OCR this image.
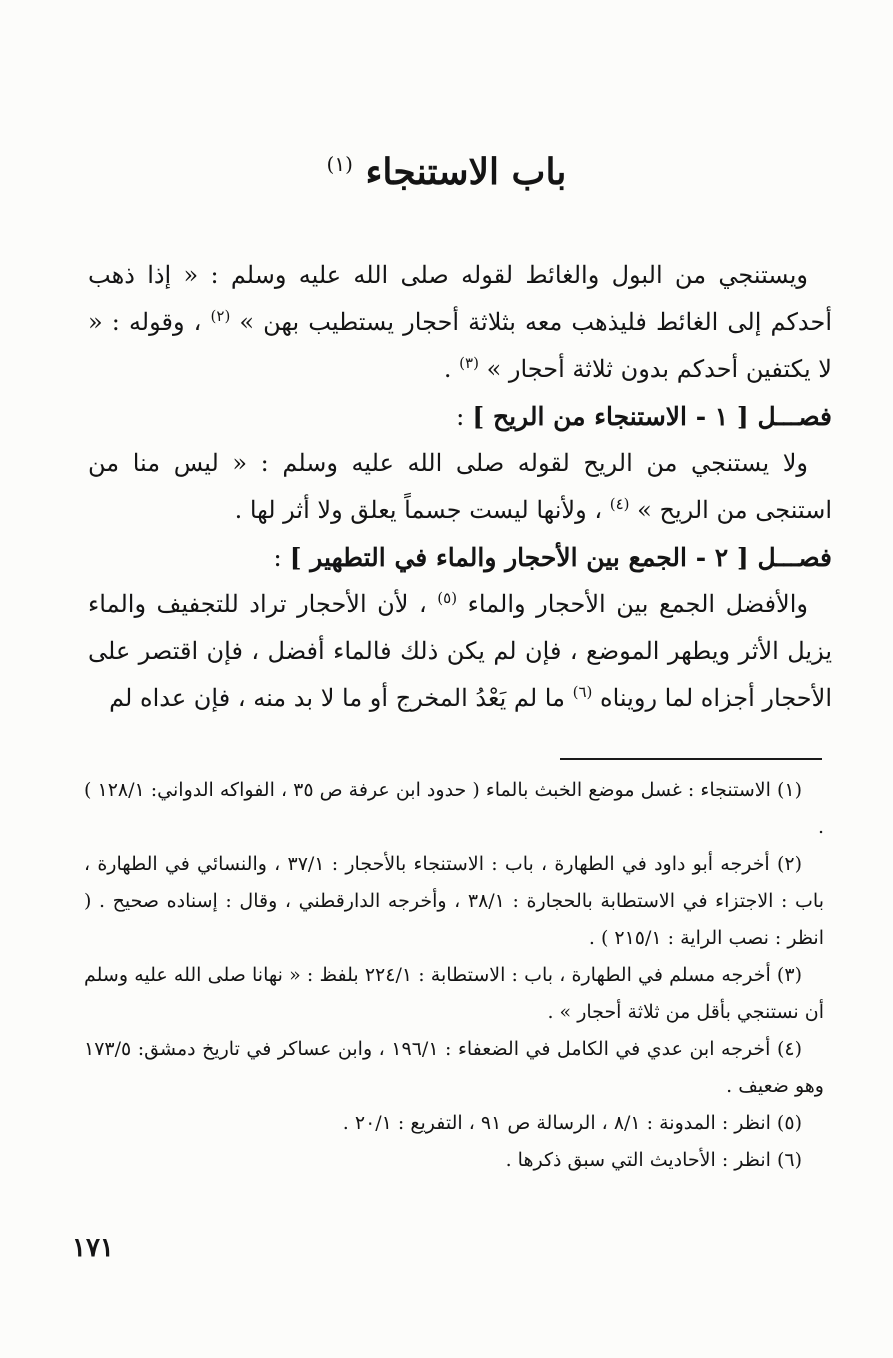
باب الاستنجاء $^{(١)}$

ويستنجي من البول والغائط لقوله صلى الله عليه وسلم : « إذا ذهب أحدكم إلى الغائط فليذهب معه بثلاثة أحجار يستطيب بهن » $^{(٢)}$ ، وقوله : « لا يكتفين أحدكم بدون ثلاثة أحجار » $^{(٣)}$ .

فصـــل [ ١ - الاستنجاء من الريح ] :

ولا يستنجي من الريح لقوله صلى الله عليه وسلم : « ليس منا من استنجى من الريح » $^{(٤)}$ ، ولأنها ليست جسماً يعلق ولا أثر لها .

فصـــل [ ٢ - الجمع بين الأحجار والماء في التطهير ] :

والأفضل الجمع بين الأحجار والماء $^{(٥)}$ ، لأن الأحجار تراد للتجفيف والماء يزيل الأثر ويطهر الموضع ، فإن لم يكن ذلك فالماء أفضل ، فإن اقتصر على الأحجار أجزاه لما رويناه $^{(٦)}$ ما لم يَعْدُ المخرج أو ما لا بد منه ، فإن عداه لم

(١) الاستنجاء : غسل موضع الخبث بالماء ( حدود ابن عرفة ص ٣٥ ، الفواكه الدواني: ١٢٨/١ ) .

(٢) أخرجه أبو داود في الطهارة ، باب : الاستنجاء بالأحجار : ٣٧/١ ، والنسائي في الطهارة ، باب : الاجتزاء في الاستطابة بالحجارة : ٣٨/١ ، وأخرجه الدارقطني ، وقال : إسناده صحيح . ( انظر : نصب الراية : ٢١٥/١ ) .

(٣) أخرجه مسلم في الطهارة ، باب : الاستطابة : ٢٢٤/١ بلفظ : « نهانا صلى الله عليه وسلم أن نستنجي بأقل من ثلاثة أحجار » .

(٤) أخرجه ابن عدي في الكامل في الضعفاء : ١٩٦/١ ، وابن عساكر في تاريخ دمشق: ١٧٣/٥ وهو ضعيف .

(٥) انظر : المدونة : ٨/١ ، الرسالة ص ٩١ ، التفريع : ٢٠/١ .

(٦) انظر : الأحاديث التي سبق ذكرها .

١٧١
